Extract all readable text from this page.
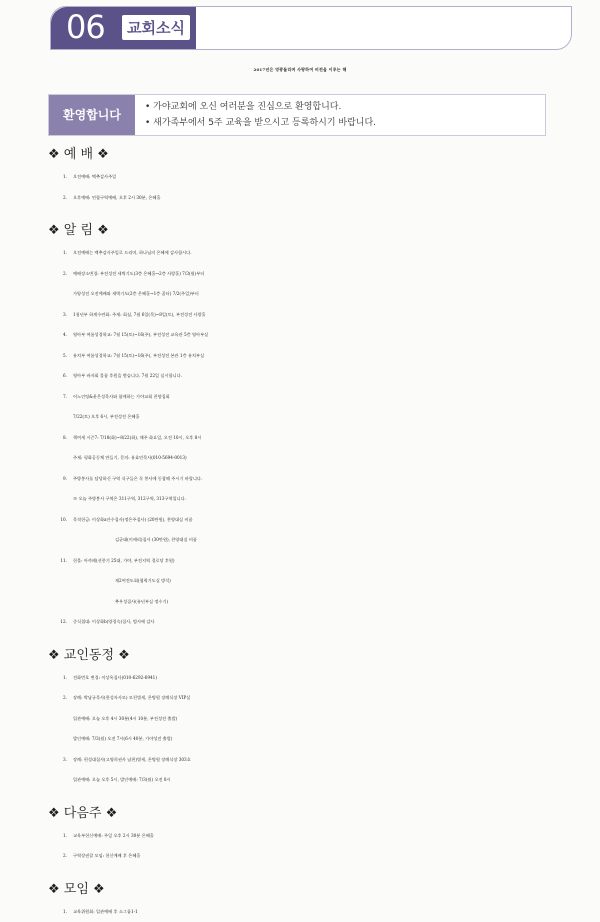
06	교회소식
2017년은 영광돌리며 사랑하여 비전을 이루는 해
환영합니다
• 가야교회에 오신 여러분을 진심으로 환영합니다.
• 새가족부에서 5주 교육을 받으시고 등록하시기 바랍니다.
❖ 예 배 ❖
1. 오전예배: 맥추감사주일
2. 오후예배: 연합구역예배, 오후 2시 30분, 은혜홀
❖ 알 림 ❖
1. 오전예배는 맥추감사주일로 드리며, 하나님의 은혜에 감사합시다.
2. 예배장소변경: 부전성전 새벽기도(3층 은혜홀→2층 사랑홀) 7/3(월)부터
가양성전 오전예배와 새벽기도(2층 은혜홀→1층 꿈터) 7/2(주일)부터
3. 1청년부 하계수련회: 주제: 회심, 7월 6일(목)~8일(토), 부전성전 사랑홀
4. 영아부 여름성경학교: 7월 15(토)~16(주), 부전성전 교육관 5층 영아부실
5. 유치부 여름성경학교: 7월 15(토)~16(주), 부전성전 본관 1층 유치부실
6. 영아부 바자회 물품 후원을 받습니다. 7월 22일 실시합니다.
7. 어노인팅&윤은성목사와 함께하는 가야교회 찬양집회
7/22(토) 오후 6시, 부전성전 은혜홀
8. 책여세 시즌7: 7/18(화)~8/22(화), 매주 화요일, 오전 10시, 오후 8시
주제: 평화공동체 만들기, 문의: 유효민목사(010-5694-0013)
9. 주방봉사를 담당하신 구역 식구들은 꼭 봉사에 동참해 주시기 바랍니다.
※ 오늘 주방봉사 구역은 311구역, 312구역, 313구역입니다.
10. 목적헌금: 이상화a안수집사(정은주집사) (20만원), 찬양대실 비품
김균태(이애리)집사 (30만원), 찬양대실 비품
11. 헌물: 아까페(선풍기 25대, 가야, 부전지역 경로당 후원)
제2여전도회(협력기도실 방석)
추우성집사(유년부실 정수기)
12. 중식접대: 이상화b(양경숙)집사, 범사에 감사
❖ 교인동정 ❖
1. 전화번호 변경: 이상옥집사(010-6292-6941)
2. 장례: 박남규목사(한성자사모) 모친별세, 온병원 장례식장 VIP실
입관예배: 오늘 오후 4시 30분(4시 10분, 부전성전 출발)
발인예배: 7/3(월) 오전 7시(6시 40분, 가야성전 출발)
3. 장례: 편성대집사(고영희권사 남편)별세, 온병원 장례식장 303호
입관예배: 오늘 오후 5시, 발인예배: 7/3(월) 오전 8시
❖ 다음주 ❖
1. 교육부헌신예배: 주일 오후 2시 30분 은혜홀
2. 구역장권찰 모임: 헌신예배 후 은혜홀
❖ 모임 ❖
1. 교육위원회: 입관예배 후 소그룹1-1
